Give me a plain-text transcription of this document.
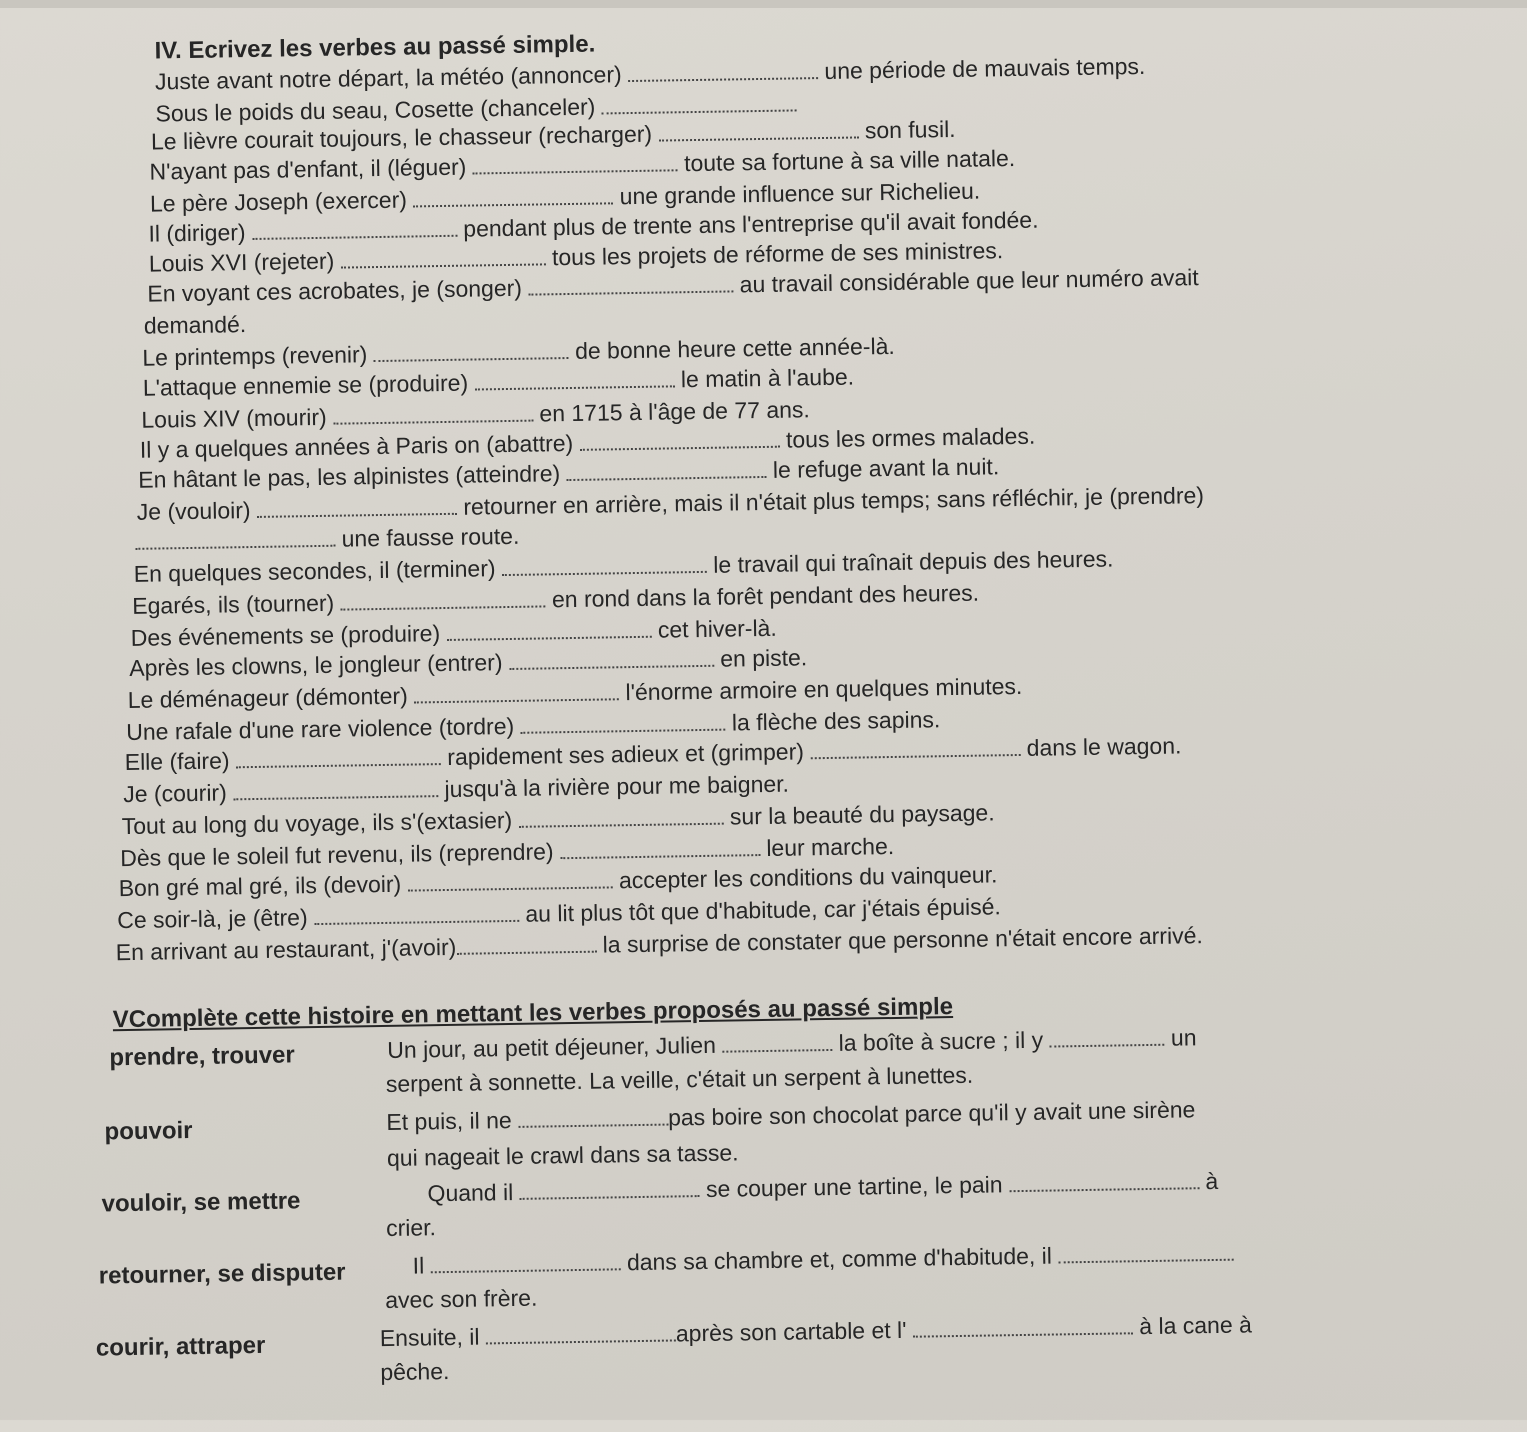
IV. Ecrivez les verbes au passé simple.
Juste avant notre départ, la météo (annoncer)	une période de mauvais temps.
Sous le poids du seau, Cosette (chanceler)
Le lièvre courait toujours, le chasseur (recharger)	son fusil.
N'ayant pas d'enfant, il (léguer)	toute sa fortune à sa ville natale.
Le père Joseph (exercer)	une grande influence sur Richelieu.
Il (diriger)	pendant plus de trente ans l'entreprise qu'il avait fondée.
Louis XVI (rejeter)	tous les projets de réforme de ses ministres.
En voyant ces acrobates, je (songer)	au travail considérable que leur numéro avait
demandé.
Le printemps (revenir)	de bonne heure cette année-là.
L'attaque ennemie se (produire)	le matin à l'aube.
Louis XIV (mourir)	en 1715 à l'âge de 77 ans.
Il y a quelques années à Paris on (abattre)	tous les ormes malades.
En hâtant le pas, les alpinistes (atteindre)	le refuge avant la nuit.
Je (vouloir)	retourner en arrière, mais il n'était plus temps; sans réfléchir, je (prendre)
une fausse route.
En quelques secondes, il (terminer)	le travail qui traînait depuis des heures.
Egarés, ils (tourner)	en rond dans la forêt pendant des heures.
Des événements se (produire)	cet hiver-là.
Après les clowns, le jongleur (entrer)	en piste.
Le déménageur (démonter)	l'énorme armoire en quelques minutes.
Une rafale d'une rare violence (tordre)	la flèche des sapins.
Elle (faire)	rapidement ses adieux et (grimper)	dans le wagon.
Je (courir)	jusqu'à la rivière pour me baigner.
Tout au long du voyage, ils s'(extasier)	sur la beauté du paysage.
Dès que le soleil fut revenu, ils (reprendre)	leur marche.
Bon gré mal gré, ils (devoir)	accepter les conditions du vainqueur.
Ce soir-là, je (être)	au lit plus tôt que d'habitude, car j'étais épuisé.
En arrivant au restaurant, j'(avoir)	la surprise de constater que personne n'était encore arrivé.
VComplète cette histoire en mettant les verbes proposés au passé simple
prendre, trouver	Un jour, au petit déjeuner, Julien	la boîte à sucre ; il y	un
serpent à sonnette. La veille, c'était un serpent à lunettes.
pouvoir	Et puis, il ne	pas boire son chocolat parce qu'il y avait une sirène
qui nageait le crawl dans sa tasse.
vouloir, se mettre	Quand il	se couper une tartine, le pain	à
crier.
retourner, se disputer	Il	dans sa chambre et, comme d'habitude, il
avec son frère.
courir, attraper	Ensuite, il	après son cartable et l'	à la cane à
pêche.
